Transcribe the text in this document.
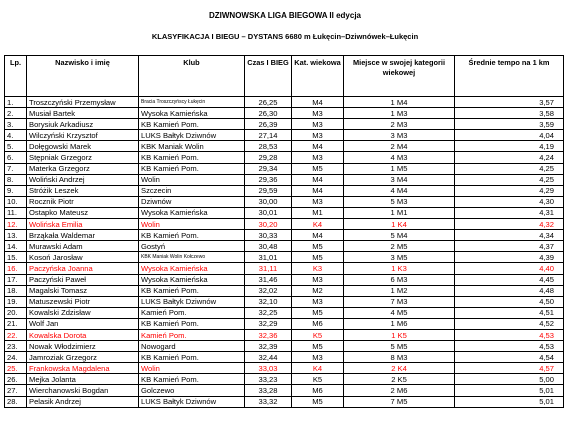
DZIWNOWSKA LIGA BIEGOWA II edycja
KLASYFIKACJA I BIEGU – DYSTANS 6680 m Łukęcin–Dziwnówek–Łukęcin
Lp.	Nazwisko i imię	Klub	Czas I BIEG	Kat. wiekowa	Miejsce w swojej kategorii wiekowej	Średnie tempo na 1 km
1.	Troszczyński Przemysław	Bracia Troszczyńscy Łukęcin	26,25	M4	1 M4	3,57
2.	Musiał Bartek	Wysoka Kamieńska	26,30	M3	1 M3	3,58
3.	Borysiuk Arkadiusz	KB Kamień Pom.	26,39	M3	2 M3	3,59
4.	Wilczyński Krzysztof	LUKS Bałtyk Dziwnów	27,14	M3	3 M3	4,04
5.	Dołęgowski Marek	KBK Maniak Wolin	28,53	M4	2 M4	4,19
6.	Stępniak Grzegorz	KB Kamień Pom.	29,28	M3	4 M3	4,24
7.	Materka Grzegorz	KB Kamień Pom.	29,34	M5	1 M5	4,25
8.	Woliński Andrzej	Wolin	29,36	M4	3 M4	4,25
9.	Stróżik Leszek	Szczecin	29,59	M4	4 M4	4,29
10.	Rocznik Piotr	Dziwnów	30,00	M3	5 M3	4,30
11.	Ostapko Mateusz	Wysoka Kamieńska	30,01	M1	1 M1	4,31
12.	Wolińska Emilia	Wolin	30,20	K4	1 K4	4,32
13.	Brząkała Waldemar	KB Kamień Pom.	30,33	M4	5 M4	4,34
14.	Murawski Adam	Gostyń	30,48	M5	2 M5	4,37
15.	Kosoń Jarosław	KBK Maniak Wolin Kołczewo	31,01	M5	3 M5	4,39
16.	Paczyńska Joanna	Wysoka Kamieńska	31,11	K3	1 K3	4,40
17.	Paczyński Paweł	Wysoka Kamieńska	31,46	M3	6 M3	4,45
18.	Magalski Tomasz	KB Kamień Pom.	32,02	M2	1 M2	4,48
19.	Matuszewski Piotr	LUKS Bałtyk Dziwnów	32,10	M3	7 M3	4,50
20.	Kowalski Zdzisław	Kamień Pom.	32,25	M5	4 M5	4,51
21.	Wolf Jan	KB Kamień Pom.	32,29	M6	1 M6	4,52
22.	Kowalska Dorota	Kamień Pom.	32,36	K5	1 K5	4,53
23.	Nowak Włodzimierz	Nowogard	32,39	M5	5 M5	4,53
24.	Jamroziak Grzegorz	KB Kamień Pom.	32,44	M3	8 M3	4,54
25.	Frankowska Magdalena	Wolin	33,03	K4	2 K4	4,57
26.	Mejka Jolanta	KB Kamień Pom.	33,23	K5	2 K5	5,00
27.	Wierchanowski Bogdan	Golczewo	33,28	M6	2 M6	5,01
28.	Pelasik Andrzej	LUKS Bałtyk Dziwnów	33,32	M5	7 M5	5,01
